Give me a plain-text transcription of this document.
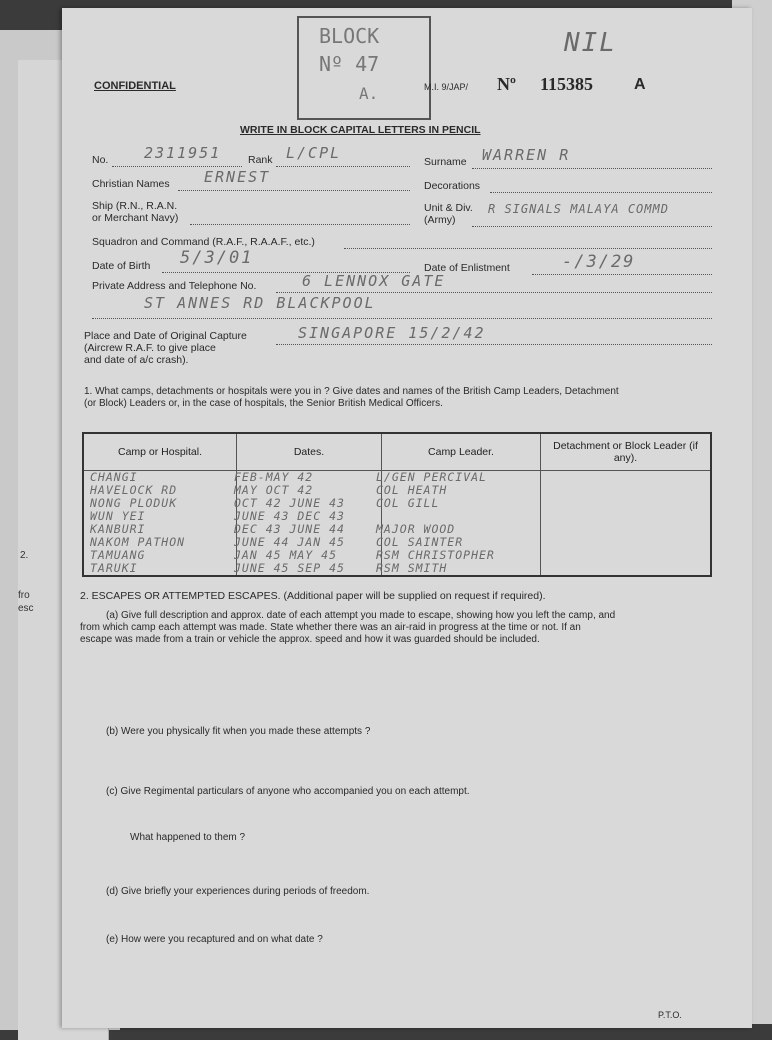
2.
fro
esc
BLOCK
Nº 47
A.
NIL
CONFIDENTIAL	M.I. 9/JAP/ Nº 115385	A
WRITE IN BLOCK CAPITAL LETTERS IN PENCIL
No. 2311951	Rank L/CPL	Surname WARREN R
Christian Names ERNEST	Decorations
Ship (R.N., R.A.N.
or Merchant Navy)
Unit & Div.
(Army)
R SIGNALS MALAYA COMMD
Squadron and Command (R.A.F., R.A.A.F., etc.)
Date of Birth 5/3/01	Date of Enlistment	-/3/29
Private Address and Telephone No.	6 LENNOX GATE
ST ANNES RD BLACKPOOL
Place and Date of Original Capture
(Aircrew R.A.F. to give place
and date of a/c crash).
SINGAPORE 15/2/42
1. What camps, detachments or hospitals were you in ? Give dates and names of the British Camp Leaders, Detachment
(or Block) Leaders or, in the case of hospitals, the Senior British Medical Officers.
Camp or Hospital.	Dates.	Camp Leader.	Detachment or Block Leader (if any).

CHANGI	FEB-MAY 42	L/GEN PERCIVAL
HAVELOCK RD	MAY OCT 42	COL HEATH
NONG PLODUK	OCT 42 JUNE 43	COL GILL
WUN YEI	JUNE 43 DEC 43
KANBURI	DEC 43 JUNE 44	MAJOR WOOD
NAKOM PATHON	JUNE 44 JAN 45	COL SAINTER
TAMUANG	JAN 45 MAY 45	RSM CHRISTOPHER
TARUKI	JUNE 45 SEP 45	RSM SMITH
2. ESCAPES OR ATTEMPTED ESCAPES. (Additional paper will be supplied on request if required).
(a) Give full description and approx. date of each attempt you made to escape, showing how you left the camp, and
from which camp each attempt was made. State whether there was an air-raid in progress at the time or not. If an
escape was made from a train or vehicle the approx. speed and how it was guarded should be included.
(b) Were you physically fit when you made these attempts ?
(c) Give Regimental particulars of anyone who accompanied you on each attempt.
What happened to them ?
(d) Give briefly your experiences during periods of freedom.
(e) How were you recaptured and on what date ?
P.T.O.
